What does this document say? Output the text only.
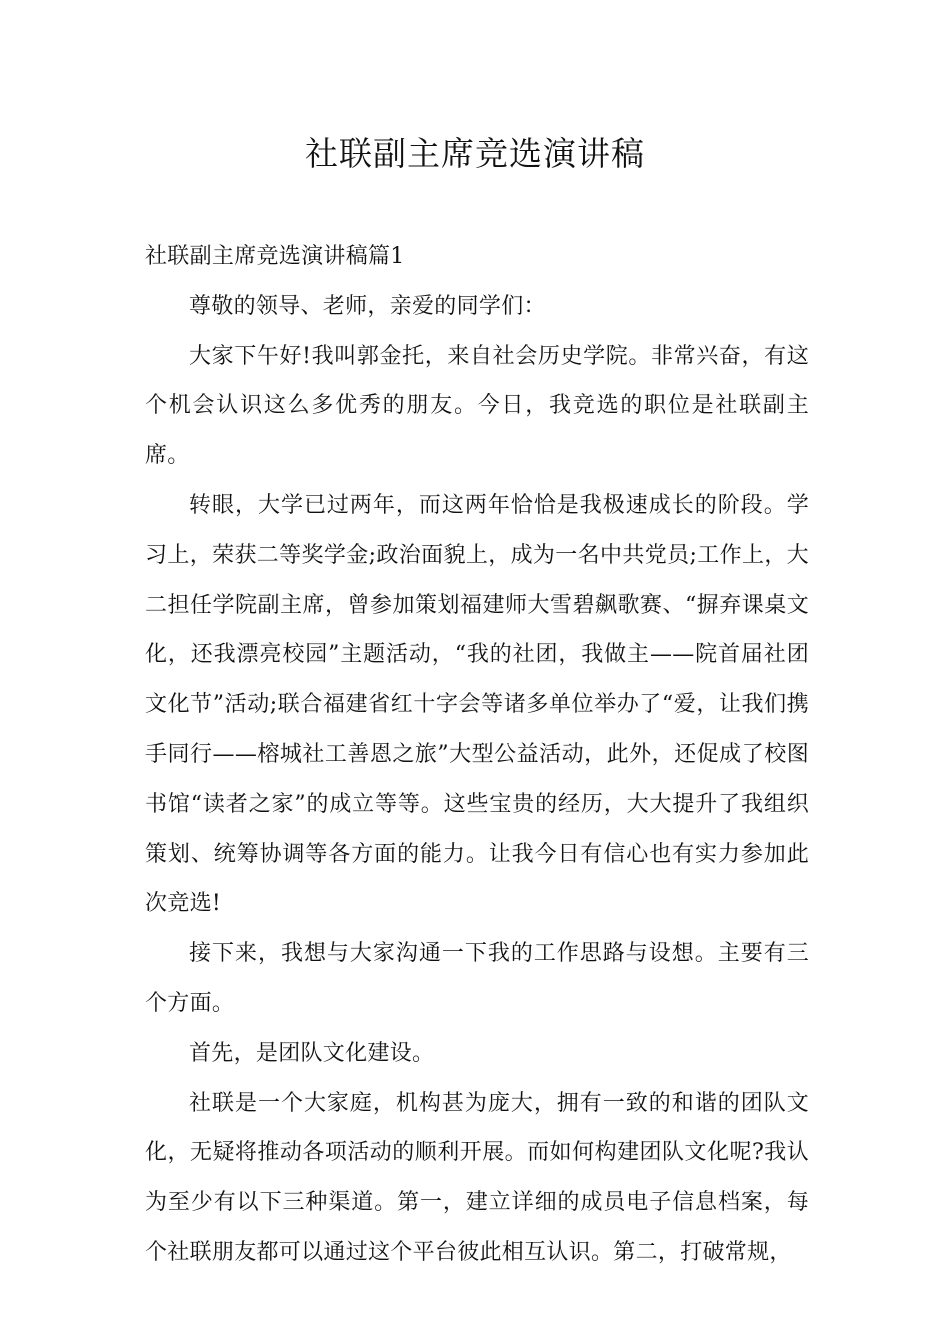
社联副主席竞选演讲稿

社联副主席竞选演讲稿篇1

尊敬的领导、老师，亲爱的同学们：

大家下午好!我叫郭金托，来自社会历史学院。非常兴奋，有这个机会认识这么多优秀的朋友。今日，我竞选的职位是社联副主席。

转眼，大学已过两年，而这两年恰恰是我极速成长的阶段。学习上，荣获二等奖学金;政治面貌上，成为一名中共党员;工作上，大二担任学院副主席，曾参加策划福建师大雪碧飙歌赛、“摒弃课桌文化，还我漂亮校园”主题活动，“我的社团，我做主——院首届社团文化节”活动;联合福建省红十字会等诸多单位举办了“爱，让我们携手同行——榕城社工善恩之旅”大型公益活动，此外，还促成了校图书馆“读者之家”的成立等等。这些宝贵的经历，大大提升了我组织策划、统筹协调等各方面的能力。让我今日有信心也有实力参加此次竞选!

接下来，我想与大家沟通一下我的工作思路与设想。主要有三个方面。

首先，是团队文化建设。

社联是一个大家庭，机构甚为庞大，拥有一致的和谐的团队文化，无疑将推动各项活动的顺利开展。而如何构建团队文化呢?我认为至少有以下三种渠道。第一，建立详细的成员电子信息档案，每个社联朋友都可以通过这个平台彼此相互认识。第二，打破常规，
